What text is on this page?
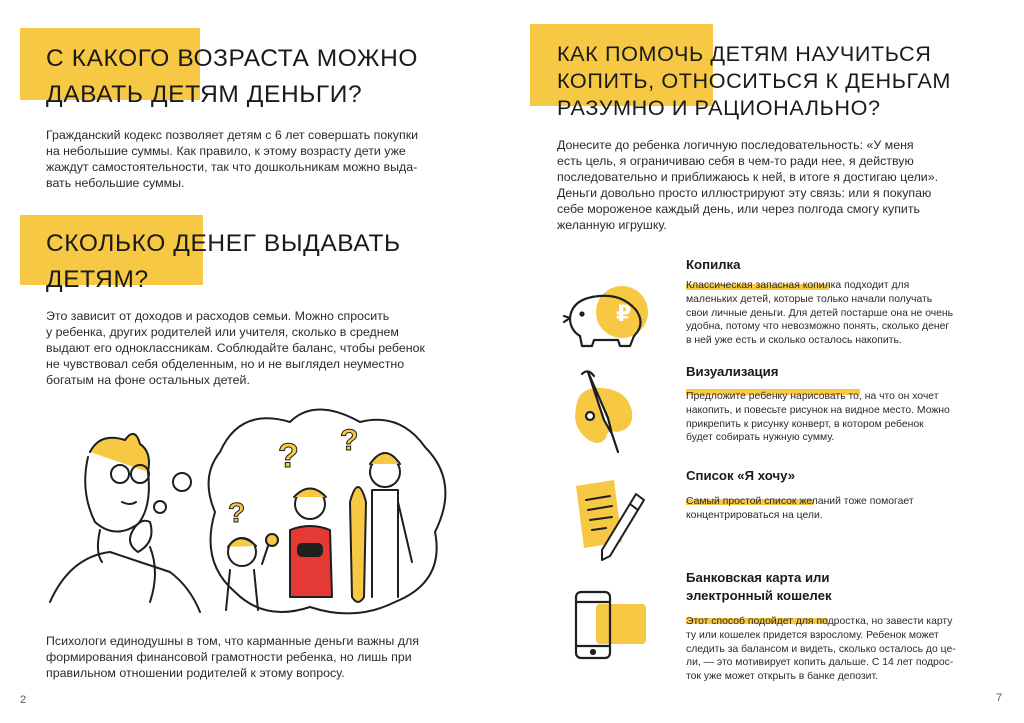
С КАКОГО ВОЗРАСТА МОЖНО
ДАВАТЬ ДЕТЯМ ДЕНЬГИ?
Гражданский кодекс позволяет детям с 6 лет совершать покупки
на небольшие суммы. Как правило, к этому возрасту дети уже
жаждут самостоятельности, так что дошкольникам можно выда-
вать небольшие суммы.
СКОЛЬКО ДЕНЕГ ВЫДАВАТЬ
ДЕТЯМ?
Это зависит от доходов и расходов семьи. Можно спросить
у ребенка, других родителей или учителя, сколько в среднем
выдают его одноклассникам. Соблюдайте баланс, чтобы ребенок
не чувствовал себя обделенным, но и не выглядел неуместно
богатым на фоне остальных детей.
? ?
?
Психологи единодушны в том, что карманные деньги важны для
формирования финансовой грамотности ребенка, но лишь при
правильном отношении родителей к этому вопросу.
2
КАК ПОМОЧЬ ДЕТЯМ НАУЧИТЬСЯ
КОПИТЬ, ОТНОСИТЬСЯ К ДЕНЬГАМ
РАЗУМНО И РАЦИОНАЛЬНО?
Донесите до ребенка логичную последовательность: «У меня
есть цель, я ограничиваю себя в чем-то ради нее, я действую
последовательно и приближаюсь к ней, в итоге я достигаю цели».
Деньги довольно просто иллюстрируют эту связь: или я покупаю
себе мороженое каждый день, или через полгода смогу купить
желанную игрушку.
₽
Копилка
Классическая запасная копилка подходит для
маленьких детей, которые только начали получать
свои личные деньги. Для детей постарше она не очень
удобна, потому что невозможно понять, сколько денег
в ней уже есть и сколько осталось накопить.
Визуализация
Предложите ребенку нарисовать то, на что он хочет
накопить, и повесьте рисунок на видное место. Можно
прикрепить к рисунку конверт, в котором ребенок
будет собирать нужную сумму.
Список «Я хочу»
Самый простой список желаний тоже помогает
концентрироваться на цели.
Банковская карта или
электронный кошелек
Этот способ подойдет для подростка, но завести карту
ту или кошелек придется взрослому. Ребенок может
следить за балансом и видеть, сколько осталось до це-
ли, — это мотивирует копить дальше. С 14 лет подрос-
ток уже может открыть в банке депозит.
7
